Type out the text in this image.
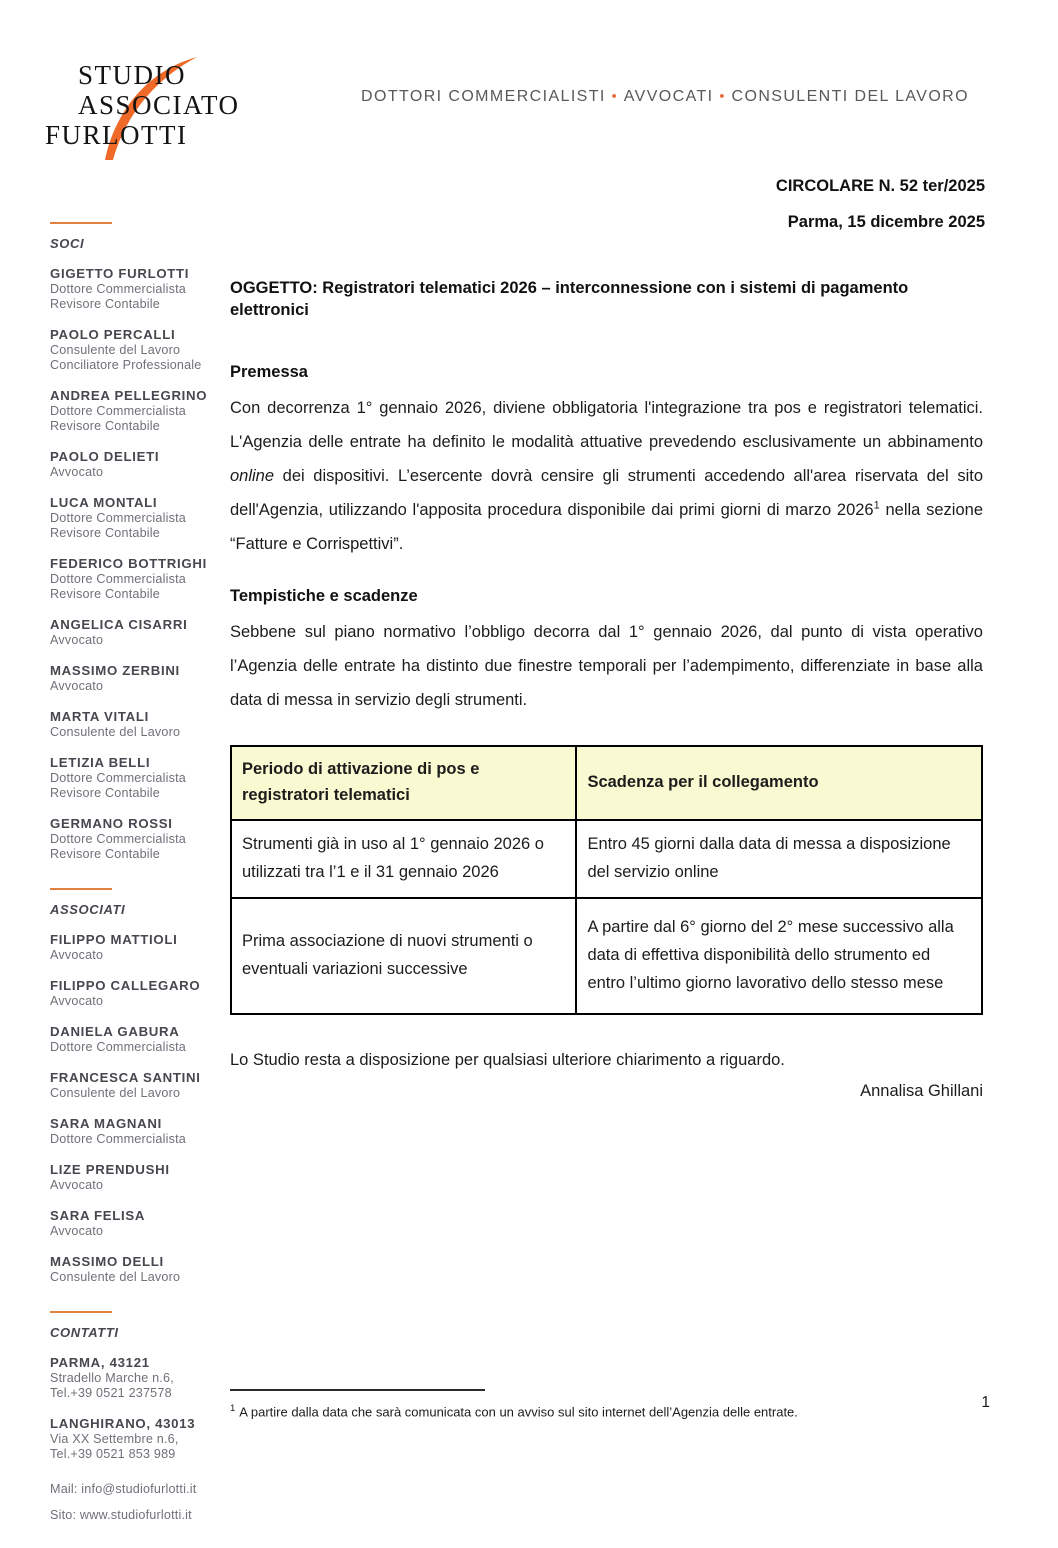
STUDIO
ASSOCIATO
FURLOTTI
DOTTORI COMMERCIALISTI ▪ AVVOCATI ▪ CONSULENTI DEL LAVORO
CIRCOLARE N. 52 ter/2025
Parma, 15 dicembre 2025
SOCI
GIGETTO FURLOTTI
Dottore Commercialista
Revisore Contabile
PAOLO PERCALLI
Consulente del Lavoro
Conciliatore Professionale
ANDREA PELLEGRINO
Dottore Commercialista
Revisore Contabile
PAOLO DELIETI
Avvocato
LUCA MONTALI
Dottore Commercialista
Revisore Contabile
FEDERICO BOTTRIGHI
Dottore Commercialista
Revisore Contabile
ANGELICA CISARRI
Avvocato
MASSIMO ZERBINI
Avvocato
MARTA VITALI
Consulente del Lavoro
LETIZIA BELLI
Dottore Commercialista
Revisore Contabile
GERMANO ROSSI
Dottore Commercialista
Revisore Contabile
ASSOCIATI
FILIPPO MATTIOLI
Avvocato
FILIPPO CALLEGARO
Avvocato
DANIELA GABURA
Dottore Commercialista
FRANCESCA SANTINI
Consulente del Lavoro
SARA MAGNANI
Dottore Commercialista
LIZE PRENDUSHI
Avvocato
SARA FELISA
Avvocato
MASSIMO DELLI
Consulente del Lavoro
CONTATTI
PARMA, 43121
Stradello Marche n.6,
Tel.+39 0521 237578
LANGHIRANO, 43013
Via XX Settembre n.6,
Tel.+39 0521 853 989
Mail: info@studiofurlotti.it
Sito: www.studiofurlotti.it
OGGETTO: Registratori telematici 2026 – interconnessione con i sistemi di pagamento elettronici
Premessa

Con decorrenza 1° gennaio 2026, diviene obbligatoria l'integrazione tra pos e registratori telematici. L'Agenzia delle entrate ha definito le modalità attuative prevedendo esclusivamente un abbinamento online dei dispositivi. L’esercente dovrà censire gli strumenti accedendo all'area riservata del sito dell'Agenzia, utilizzando l'apposita procedura disponibile dai primi giorni di marzo 2026$^1$ nella sezione “Fatture e Corrispettivi”.

Tempistiche e scadenze

Sebbene sul piano normativo l’obbligo decorra dal 1° gennaio 2026, dal punto di vista operativo l’Agenzia delle entrate ha distinto due finestre temporali per l’adempimento, differenziate in base alla data di messa in servizio degli strumenti.

Periodo di attivazione di pos e registratori telematici	Scadenza per il collegamento
Strumenti già in uso al 1° gennaio 2026 o utilizzati tra l’1 e il 31 gennaio 2026	Entro 45 giorni dalla data di messa a disposizione del servizio online
Prima associazione di nuovi strumenti o eventuali variazioni successive	A partire dal 6° giorno del 2° mese successivo alla data di effettiva disponibilità dello strumento ed entro l’ultimo giorno lavorativo dello stesso mese
Lo Studio resta a disposizione per qualsiasi ulteriore chiarimento a riguardo.
Annalisa Ghillani
$^1$ A partire dalla data che sarà comunicata con un avviso sul sito internet dell’Agenzia delle entrate.
1
